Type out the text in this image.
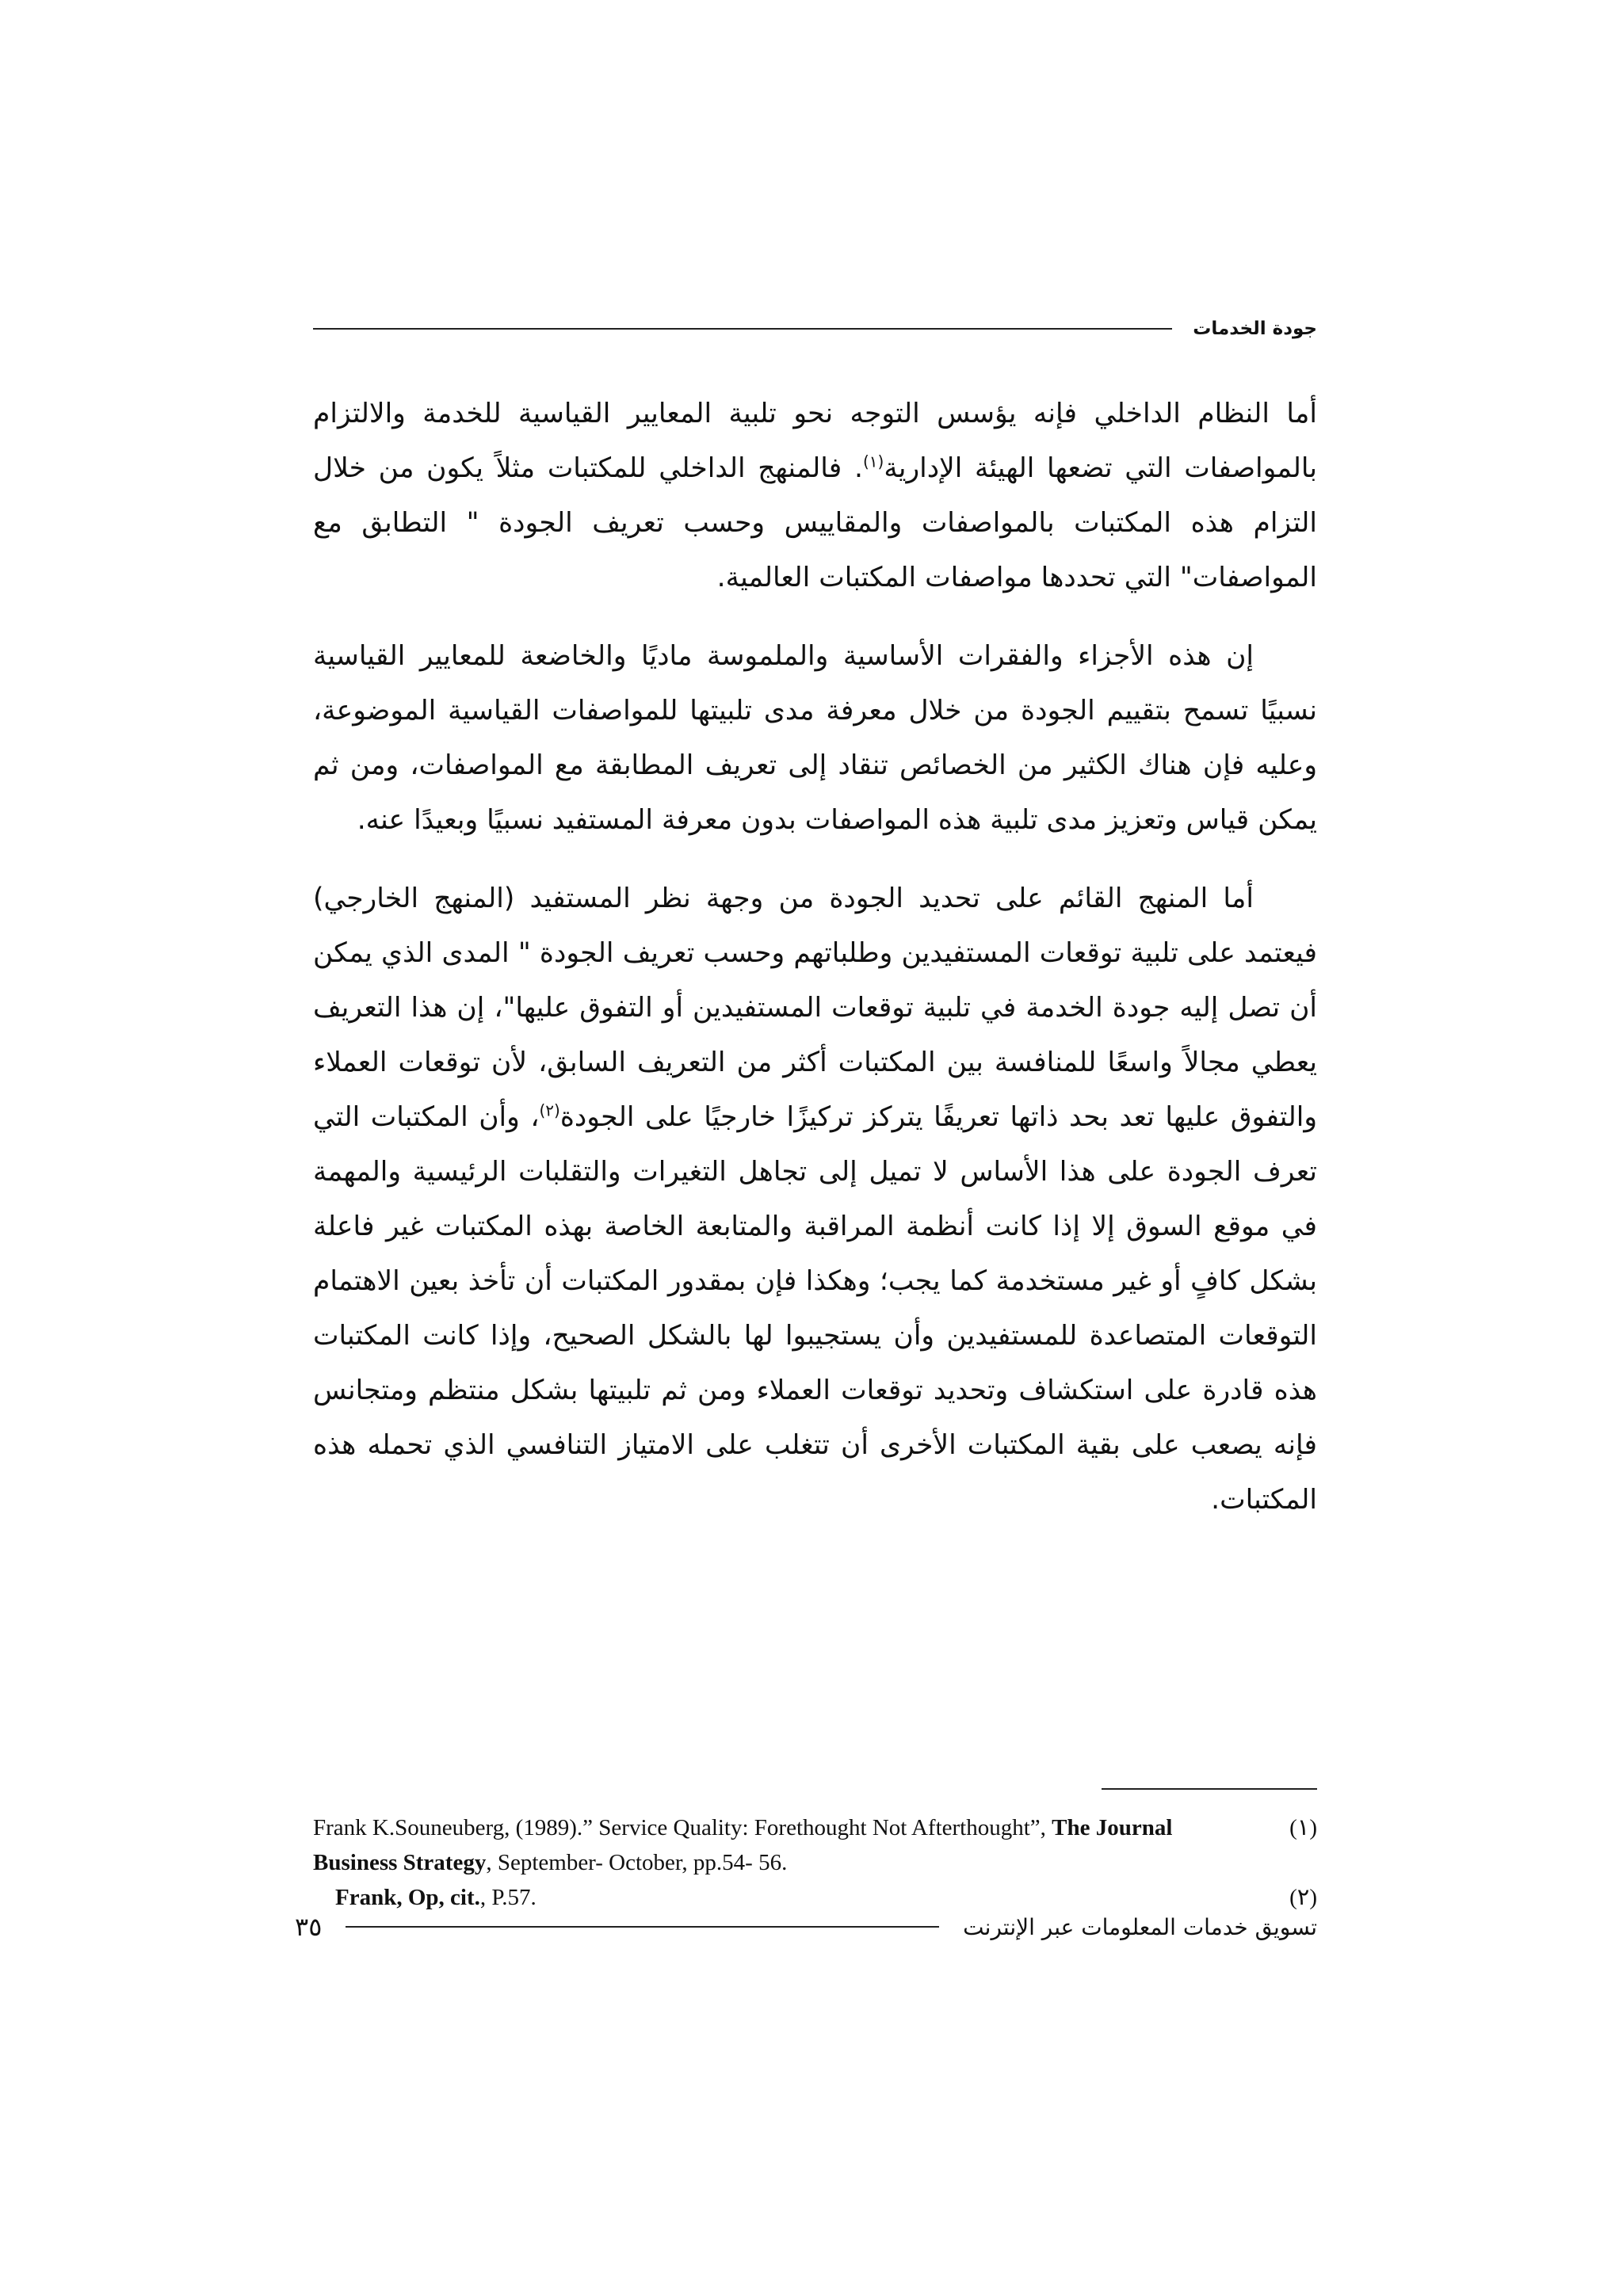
جودة الخدمات

أما النظام الداخلي فإنه يؤسس التوجه نحو تلبية المعايير القياسية للخدمة والالتزام بالمواصفات التي تضعها الهيئة الإدارية$^{(١)}$. فالمنهج الداخلي للمكتبات مثلاً يكون من خلال التزام هذه المكتبات بالمواصفات والمقاييس وحسب تعريف الجودة " التطابق مع المواصفات" التي تحددها مواصفات المكتبات العالمية.

إن هذه الأجزاء والفقرات الأساسية والملموسة ماديًا والخاضعة للمعايير القياسية نسبيًا تسمح بتقييم الجودة من خلال معرفة مدى تلبيتها للمواصفات القياسية الموضوعة، وعليه فإن هناك الكثير من الخصائص تنقاد إلى تعريف المطابقة مع المواصفات، ومن ثم يمكن قياس وتعزيز مدى تلبية هذه المواصفات بدون معرفة المستفيد نسبيًا وبعيدًا عنه.

أما المنهج القائم على تحديد الجودة من وجهة نظر المستفيد (المنهج الخارجي) فيعتمد على تلبية توقعات المستفيدين وطلباتهم وحسب تعريف الجودة " المدى الذي يمكن أن تصل إليه جودة الخدمة في تلبية توقعات المستفيدين أو التفوق عليها"، إن هذا التعريف يعطي مجالاً واسعًا للمنافسة بين المكتبات أكثر من التعريف السابق، لأن توقعات العملاء والتفوق عليها تعد بحد ذاتها تعريفًا يتركز تركيزًا خارجيًا على الجودة$^{(٢)}$، وأن المكتبات التي تعرف الجودة على هذا الأساس لا تميل إلى تجاهل التغيرات والتقلبات الرئيسية والمهمة في موقع السوق إلا إذا كانت أنظمة المراقبة والمتابعة الخاصة بهذه المكتبات غير فاعلة بشكل كافٍ أو غير مستخدمة كما يجب؛ وهكذا فإن بمقدور المكتبات أن تأخذ بعين الاهتمام التوقعات المتصاعدة للمستفيدين وأن يستجيبوا لها بالشكل الصحيح، وإذا كانت المكتبات هذه قادرة على استكشاف وتحديد توقعات العملاء ومن ثم تلبيتها بشكل منتظم ومتجانس فإنه يصعب على بقية المكتبات الأخرى أن تتغلب على الامتياز التنافسي الذي تحمله هذه المكتبات.

(١)
Frank K.Souneuberg, (1989).” Service Quality: Forethought Not Afterthought”, The Journal
Business Strategy, September- October, pp.54- 56.
(٢)
Frank, Op, cit., P.57.
٣٥	تسويق خدمات المعلومات عبر الإنترنت
